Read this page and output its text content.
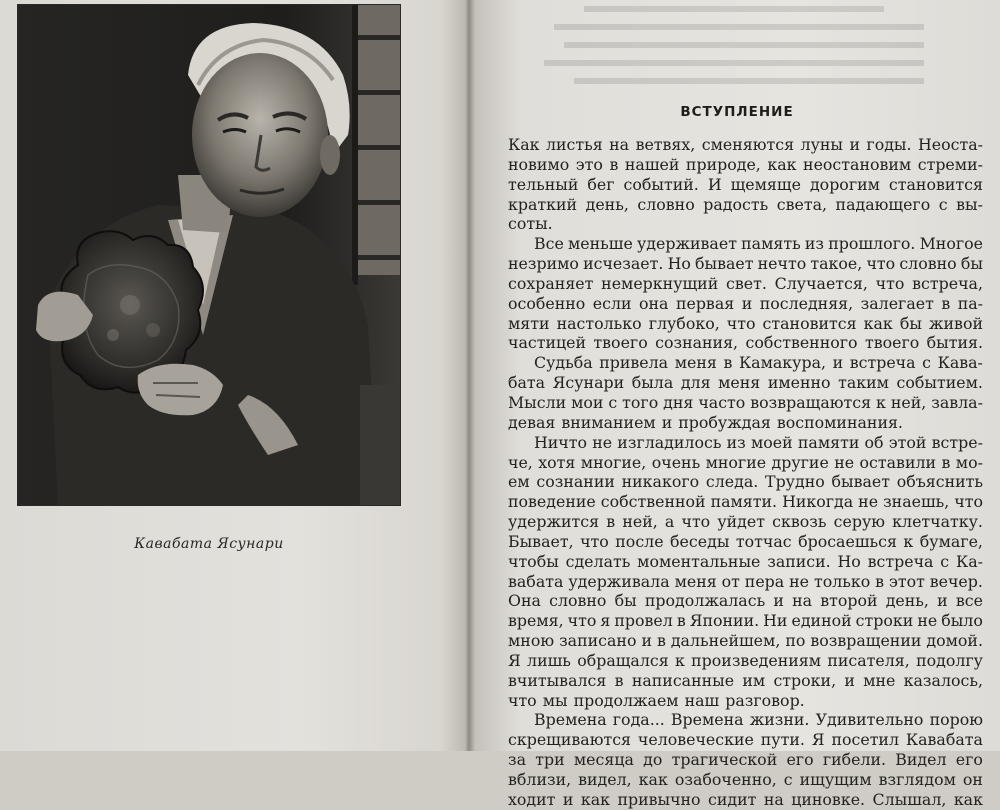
Кавабата Ясунари
ВСТУПЛЕНИЕ
Как листья на ветвях, сменяются луны и годы. Неоста-
новимо это в нашей природе, как неостановим стреми-
тельный бег событий. И щемяще дорогим становится
краткий день, словно радость света, падающего с вы-
соты.
Все меньше удерживает память из прошлого. Многое
незримо исчезает. Но бывает нечто такое, что словно бы
сохраняет немеркнущий свет. Случается, что встреча,
особенно если она первая и последняя, залегает в па-
мяти настолько глубоко, что становится как бы живой
частицей твоего сознания, собственного твоего бытия.
Судьба привела меня в Камакура, и встреча с Кава-
бата Ясунари была для меня именно таким событием.
Мысли мои с того дня часто возвращаются к ней, завла-
девая вниманием и пробуждая воспоминания.
Ничто не изгладилось из моей памяти об этой встре-
че, хотя многие, очень многие другие не оставили в мо-
ем сознании никакого следа. Трудно бывает объяснить
поведение собственной памяти. Никогда не знаешь, что
удержится в ней, а что уйдет сквозь серую клетчатку.
Бывает, что после беседы тотчас бросаешься к бумаге,
чтобы сделать моментальные записи. Но встреча с Ка-
вабата удерживала меня от пера не только в этот вечер.
Она словно бы продолжалась и на второй день, и все
время, что я провел в Японии. Ни единой строки не было
мною записано и в дальнейшем, по возвращении домой.
Я лишь обращался к произведениям писателя, подолгу
вчитывался в написанные им строки, и мне казалось,
что мы продолжаем наш разговор.
Времена года... Времена жизни. Удивительно порою
скрещиваются человеческие пути. Я посетил Кавабата
за три месяца до трагической его гибели. Видел его
вблизи, видел, как озабоченно, с ищущим взглядом он
ходит и как привычно сидит на циновке. Слышал, как
